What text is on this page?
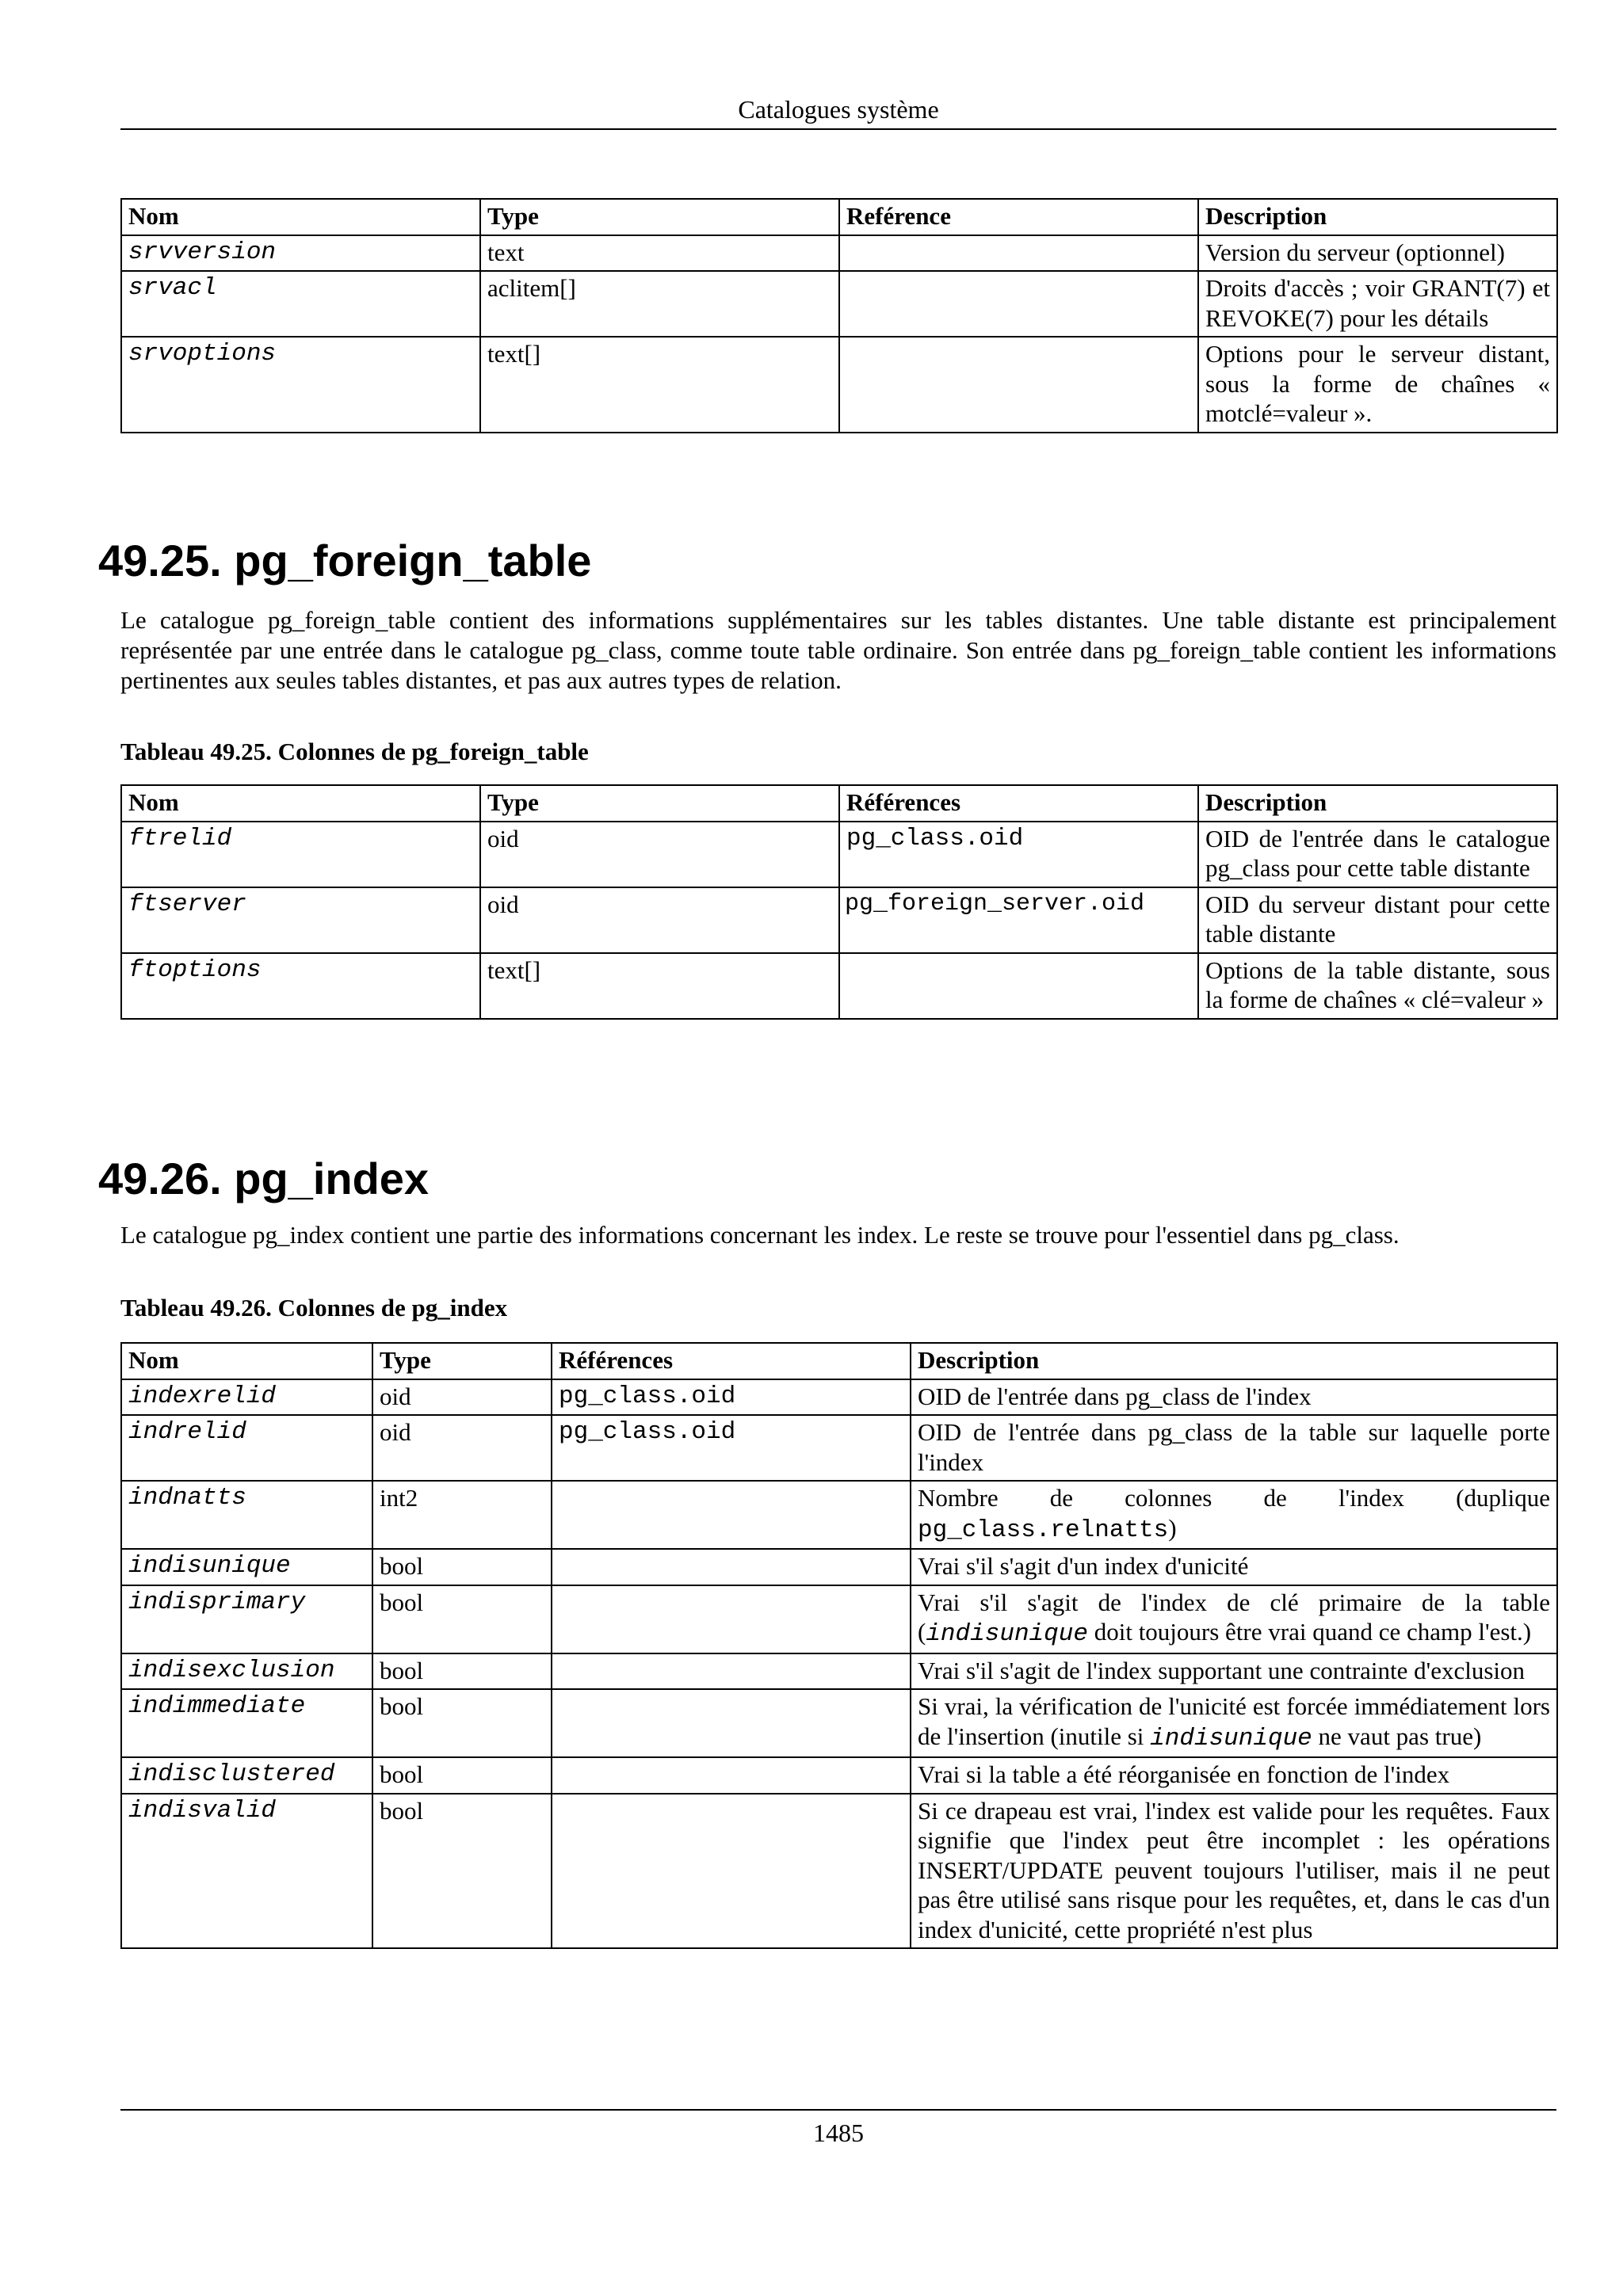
Catalogues système
Nom	Type	Reférence	Description
srvversion	text		Version du serveur (optionnel)
srvacl	aclitem[]		Droits d'accès ; voir GRANT(7) et REVOKE(7) pour les détails
srvoptions	text[]		Options pour le serveur distant, sous la forme de chaînes « motclé=valeur ».
49.25. pg_foreign_table

Le catalogue pg_foreign_table contient des informations supplémentaires sur les tables distantes. Une table distante est principalement représentée par une entrée dans le catalogue pg_class, comme toute table ordinaire. Son entrée dans pg_foreign_table contient les informations pertinentes aux seules tables distantes, et pas aux autres types de relation.

Tableau 49.25. Colonnes de pg_foreign_table

Nom	Type	Références	Description
ftrelid	oid	pg_class.oid	OID de l'entrée dans le catalogue pg_class pour cette table distante
ftserver	oid	pg_foreign_server.oid	OID du serveur distant pour cette table distante
ftoptions	text[]		Options de la table distante, sous la forme de chaînes « clé=valeur »
49.26. pg_index

Le catalogue pg_index contient une partie des informations concernant les index. Le reste se trouve pour l'essentiel dans pg_class.

Tableau 49.26. Colonnes de pg_index

Nom	Type	Références	Description
indexrelid	oid	pg_class.oid	OID de l'entrée dans pg_class de l'index
indrelid	oid	pg_class.oid	OID de l'entrée dans pg_class de la table sur laquelle porte l'index
indnatts	int2		Nombre de colonnes de l'index (duplique pg_class.relnatts)
indisunique	bool		Vrai s'il s'agit d'un index d'unicité
indisprimary	bool		Vrai s'il s'agit de l'index de clé primaire de la table (indisunique doit toujours être vrai quand ce champ l'est.)
indisexclusion	bool		Vrai s'il s'agit de l'index supportant une contrainte d'exclusion
indimmediate	bool		Si vrai, la vérification de l'unicité est forcée immédiatement lors de l'insertion (inutile si indisunique ne vaut pas true)
indisclustered	bool		Vrai si la table a été réorganisée en fonction de l'index
indisvalid	bool		Si ce drapeau est vrai, l'index est valide pour les requêtes. Faux signifie que l'index peut être incomplet : les opérations INSERT/UPDATE peuvent toujours l'utiliser, mais il ne peut pas être utilisé sans risque pour les requêtes, et, dans le cas d'un index d'unicité, cette propriété n'est plus
1485
